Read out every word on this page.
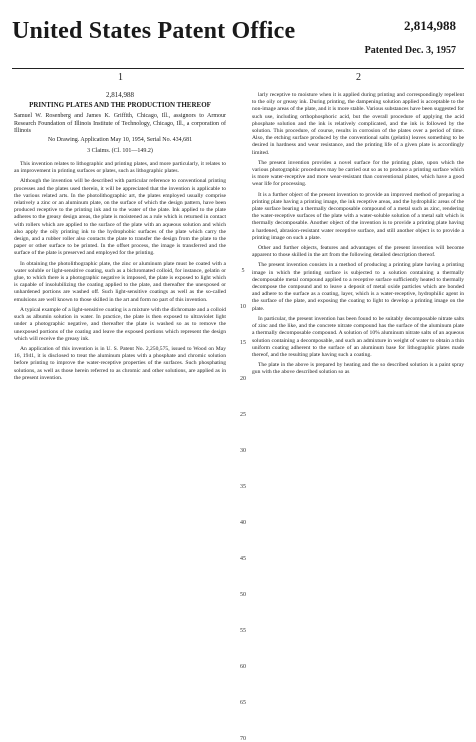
United States Patent Office	2,814,988
Patented Dec. 3, 1957
1	2
2,814,988
PRINTING PLATES AND THE PRODUCTION THEREOF
Samuel W. Rosenberg and James K. Griffith, Chicago, Ill., assignors to Armour Research Foundation of Illinois Institute of Technology, Chicago, Ill., a corporation of Illinois
No Drawing. Application May 10, 1954, Serial No. 434,681
3 Claims. (Cl. 101—149.2)

This invention relates to lithographic and printing plates, and more particularly, it relates to an improvement in printing surfaces or plates, such as lithographic plates.

Although the invention will be described with particular reference to conventional printing processes and the plates used therein, it will be appreciated that the invention is applicable to the various related arts. In the photolithographic art, the plates employed usually comprise relatively a zinc or an aluminum plate, on the surface of which the design pattern, have been produced receptive to the printing ink and to the water of the plate. Ink applied to the plate adheres to the greasy design areas, the plate is moistened as a rule which is returned in contact with rollers which are applied to the surface of the plate with an aqueous solution and which also apply the oily printing ink to the hydrophobic surfaces of the plate which carry the design, and a rubber roller also contacts the plate to transfer the design from the plate to the paper or other surface to be printed. In the offset process, the image is transferred and the surface of the plate is preserved and employed for the printing.

In obtaining the photolithographic plate, the zinc or aluminum plate must be coated with a water soluble or light-sensitive coating, such as a bichromated colloid, for instance, gelatin or glue, to which there is a photographic negative is imposed, the plate is exposed to light which is capable of insolubilizing the coating applied to the plate, and thereafter the unexposed or unhardened portions are washed off. Such light-sensitive coatings as well as the so-called emulsions are well known to those skilled in the art and form no part of this invention.

A typical example of a light-sensitive coating is a mixture with the dichromate and a colloid such as albumin solution in water. In practice, the plate is then exposed to ultraviolet light under a photographic negative, and thereafter the plate is washed so as to remove the unexposed portions of the coating and leave the exposed portions which represent the design which will receive the greasy ink.

An application of this invention is in U. S. Patent No. 2,250,575, issued to Wood on May 16, 1941, it is disclosed to treat the aluminum plates with a phosphate and chromic solution before printing to improve the water-receptive properties of the surfaces. Such phosphating solutions, as well as those herein referred to as chromic and other solutions, are applied as in the present invention.

5
10
15
20
25
30
35
40
45
50
55
60
65
70

larly receptive to moisture when it is applied during printing and correspondingly repellent to the oily or greasy ink. During printing, the dampening solution applied is acceptable to the non-image areas of the plate, and it is more stable. Various substances have been suggested for such use, including orthophosphoric acid, but the overall procedure of applying the acid phosphate solution and the ink is relatively complicated, and the ink is followed by the solution. This procedure, of course, results in corrosion of the plates over a period of time. Also, the etching surface produced by the conventional salts (gelatin) leaves something to be desired in hardness and wear resistance, and the printing life of a given plate is accordingly limited.

The present invention provides a novel surface for the printing plate, upon which the various photographic procedures may be carried out so as to produce a printing surface which is more water-receptive and more wear-resistant than conventional plates, which have a good wear life for processing.

It is a further object of the present invention to provide an improved method of preparing a printing plate having a printing image, the ink receptive areas, and the hydrophilic areas of the plate surface bearing a thermally decomposable compound of a metal such as zinc, rendering the water-receptive surfaces of the plate with a water-soluble solution of a metal salt which is thermally decomposable. Another object of the invention is to provide a printing plate having a hardened, abrasion-resistant water receptive surface, and still another object is to provide a printing image on such a plate.

Other and further objects, features and advantages of the present invention will become apparent to those skilled in the art from the following detailed description thereof.

The present invention consists in a method of producing a printing plate having a printing image in which the printing surface is subjected to a solution containing a thermally decomposable metal compound applied to a receptive surface sufficiently heated to thermally decompose the compound and to leave a deposit of metal oxide particles which are bonded and adhere to the surface as a coating, layer, which is a water-receptive, hydrophilic agent in the surface of the plate, and exposing the coating to light to develop a printing image on the plate.

In particular, the present invention has been found to be suitably decomposable nitrate salts of zinc and the like, and the concrete nitrate compound has the surface of the aluminum plate a thermally decomposable compound. A solution of 10% aluminum nitrate salts of an aqueous solution containing a decomposable, and such an admixture in weight of water to obtain a thin uniform coating adherent to the surface of an aluminum base for lithographic plates made thereof, and the resulting plate having such a coating.

The plate in the above is prepared by heating and the so described solution is a paint spray gun with the above described solution so as
